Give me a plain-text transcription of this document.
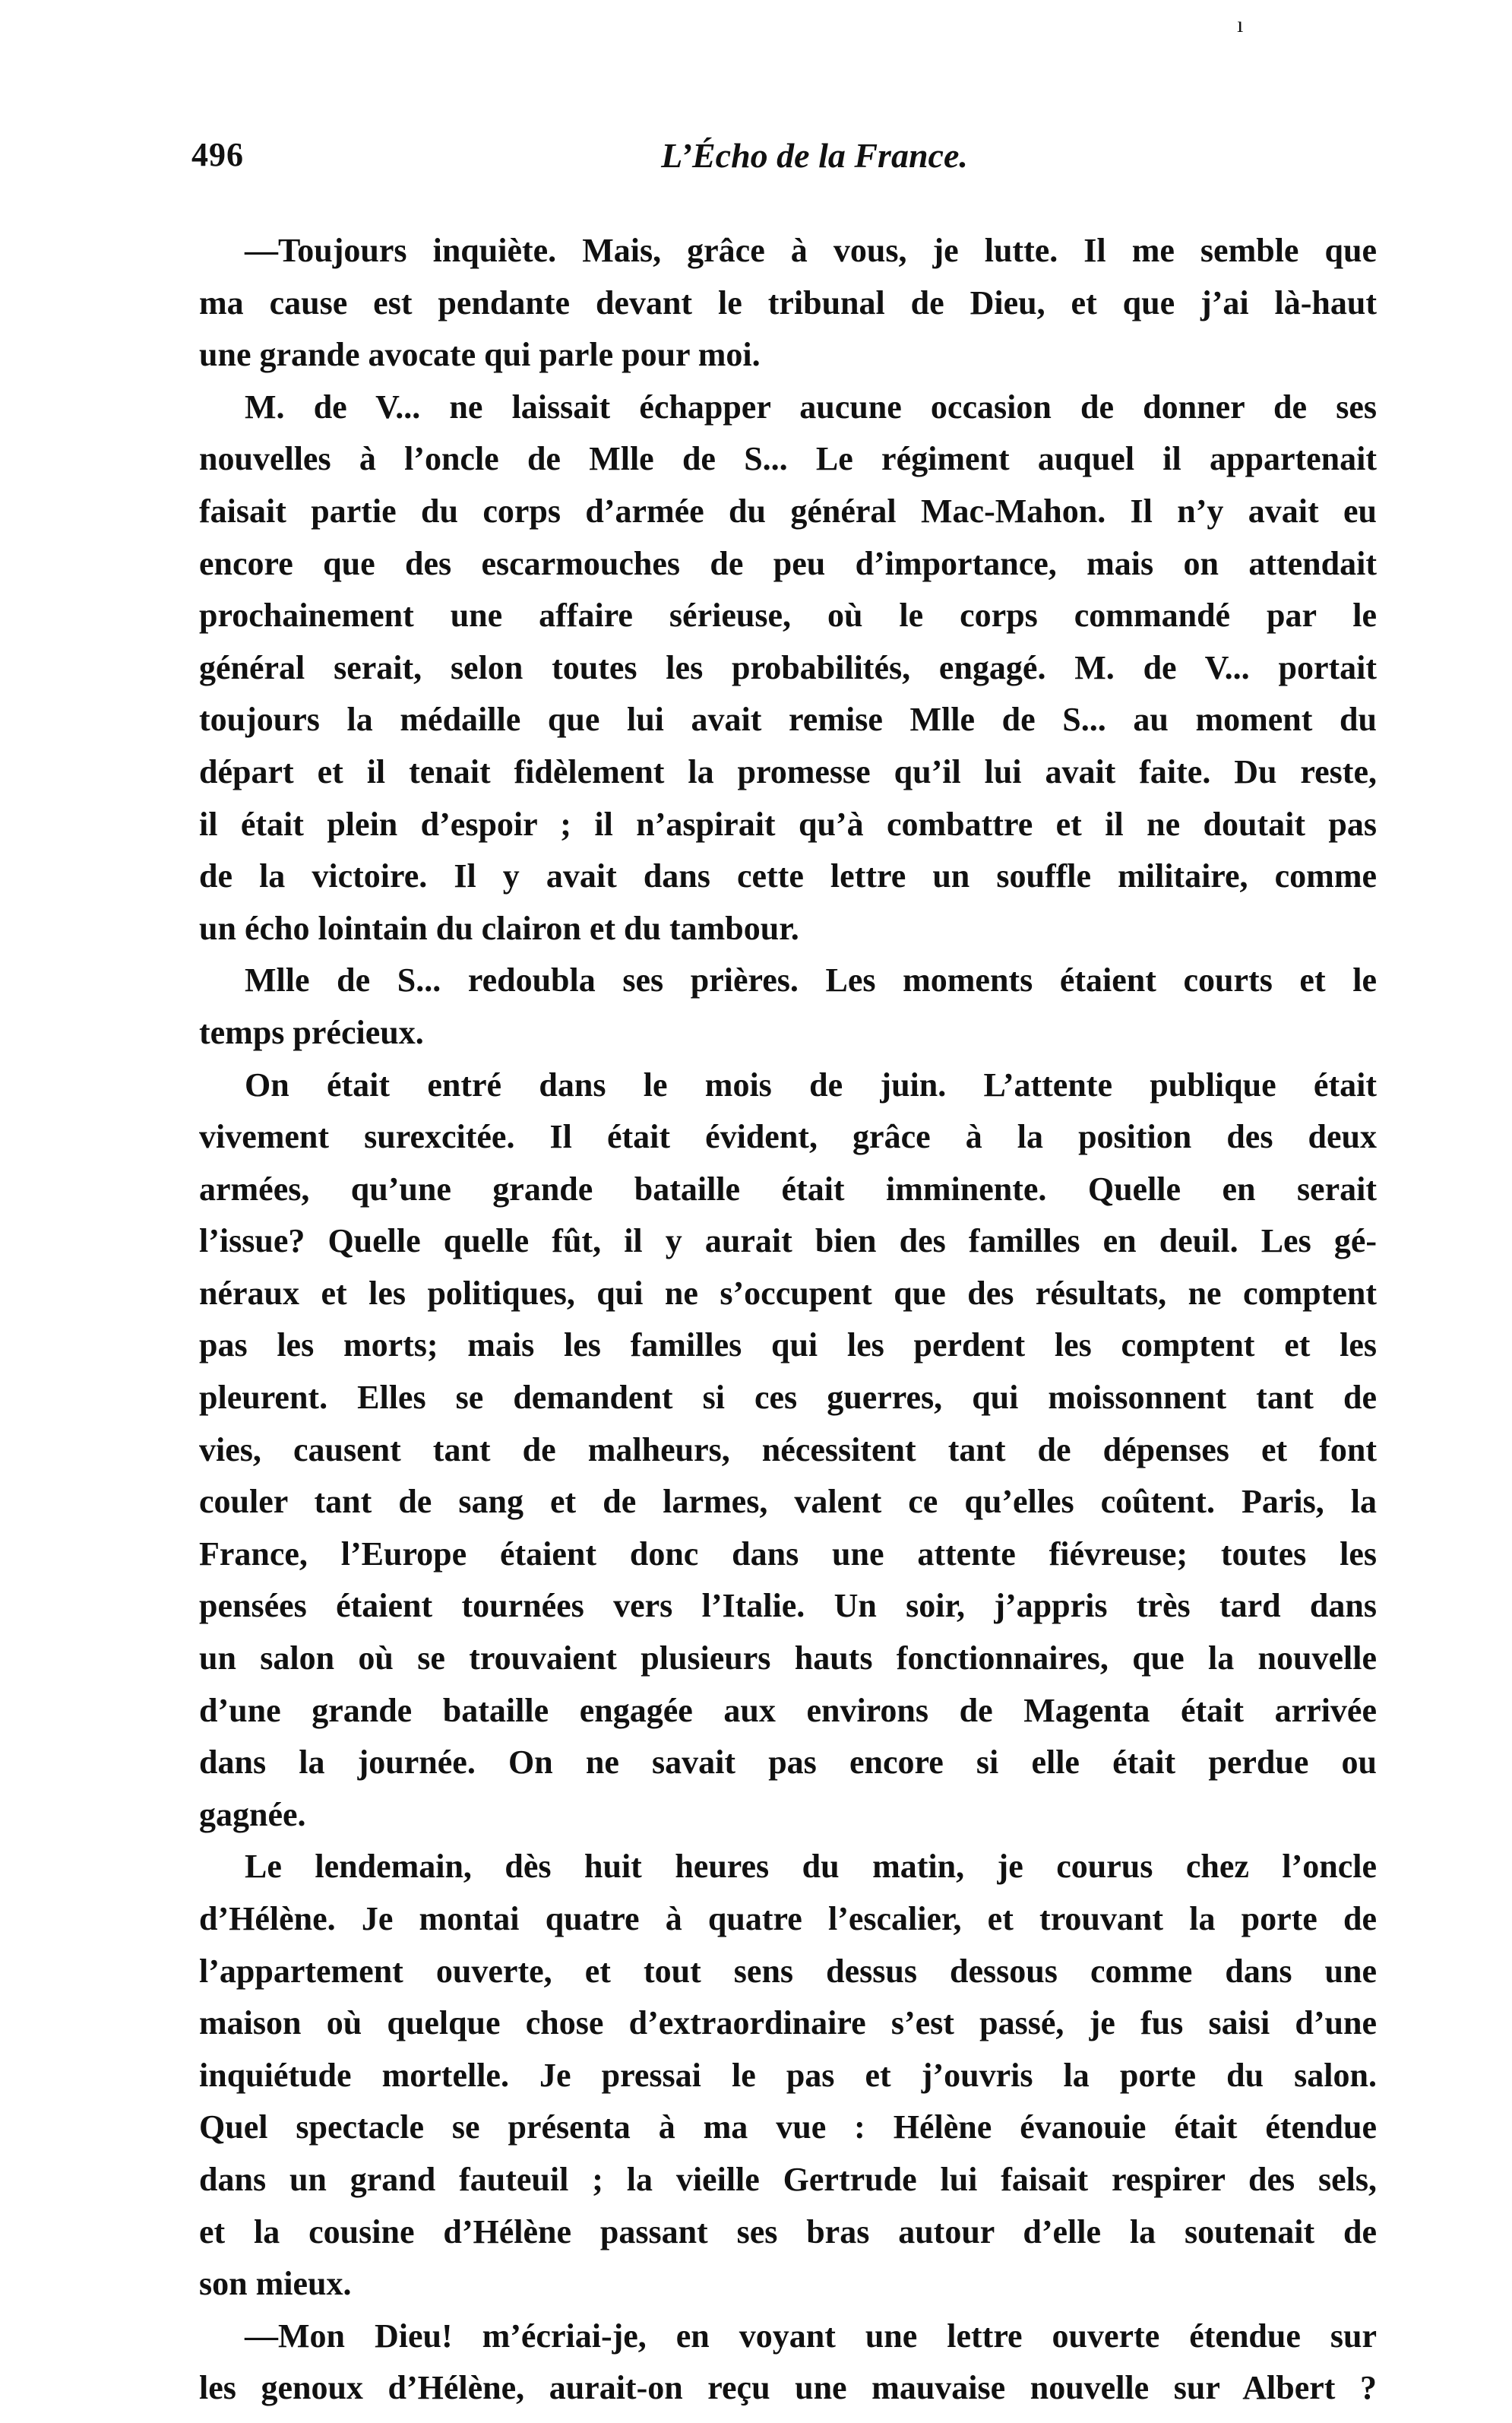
ı
496	L’Écho de la France.
—Toujours inquiète. Mais, grâce à vous, je lutte. Il me semble que
ma cause est pendante devant le tribunal de Dieu, et que j’ai là-haut
une grande avocate qui parle pour moi.
M. de V... ne laissait échapper aucune occasion de donner de ses
nouvelles à l’oncle de Mlle de S... Le régiment auquel il appartenait
faisait partie du corps d’armée du général Mac-Mahon. Il n’y avait eu
encore que des escarmouches de peu d’importance, mais on attendait
prochainement une affaire sérieuse, où le corps commandé par le
général serait, selon toutes les probabilités, engagé. M. de V... portait
toujours la médaille que lui avait remise Mlle de S... au moment du
départ et il tenait fidèlement la promesse qu’il lui avait faite. Du reste,
il était plein d’espoir ; il n’aspirait qu’à combattre et il ne doutait pas
de la victoire. Il y avait dans cette lettre un souffle militaire, comme
un écho lointain du clairon et du tambour.
Mlle de S... redoubla ses prières. Les moments étaient courts et le
temps précieux.
On était entré dans le mois de juin. L’attente publique était
vivement surexcitée. Il était évident, grâce à la position des deux
armées, qu’une grande bataille était imminente. Quelle en serait
l’issue? Quelle quelle fût, il y aurait bien des familles en deuil. Les gé-
néraux et les politiques, qui ne s’occupent que des résultats, ne comptent
pas les morts; mais les familles qui les perdent les comptent et les
pleurent. Elles se demandent si ces guerres, qui moissonnent tant de
vies, causent tant de malheurs, nécessitent tant de dépenses et font
couler tant de sang et de larmes, valent ce qu’elles coûtent. Paris, la
France, l’Europe étaient donc dans une attente fiévreuse; toutes les
pensées étaient tournées vers l’Italie. Un soir, j’appris très tard dans
un salon où se trouvaient plusieurs hauts fonctionnaires, que la nouvelle
d’une grande bataille engagée aux environs de Magenta était arrivée
dans la journée. On ne savait pas encore si elle était perdue ou
gagnée.
Le lendemain, dès huit heures du matin, je courus chez l’oncle
d’Hélène. Je montai quatre à quatre l’escalier, et trouvant la porte de
l’appartement ouverte, et tout sens dessus dessous comme dans une
maison où quelque chose d’extraordinaire s’est passé, je fus saisi d’une
inquiétude mortelle. Je pressai le pas et j’ouvris la porte du salon.
Quel spectacle se présenta à ma vue : Hélène évanouie était étendue
dans un grand fauteuil ; la vieille Gertrude lui faisait respirer des sels,
et la cousine d’Hélène passant ses bras autour d’elle la soutenait de
son mieux.
—Mon Dieu! m’écriai-je, en voyant une lettre ouverte étendue sur
les genoux d’Hélène, aurait-on reçu une mauvaise nouvelle sur Albert ?
